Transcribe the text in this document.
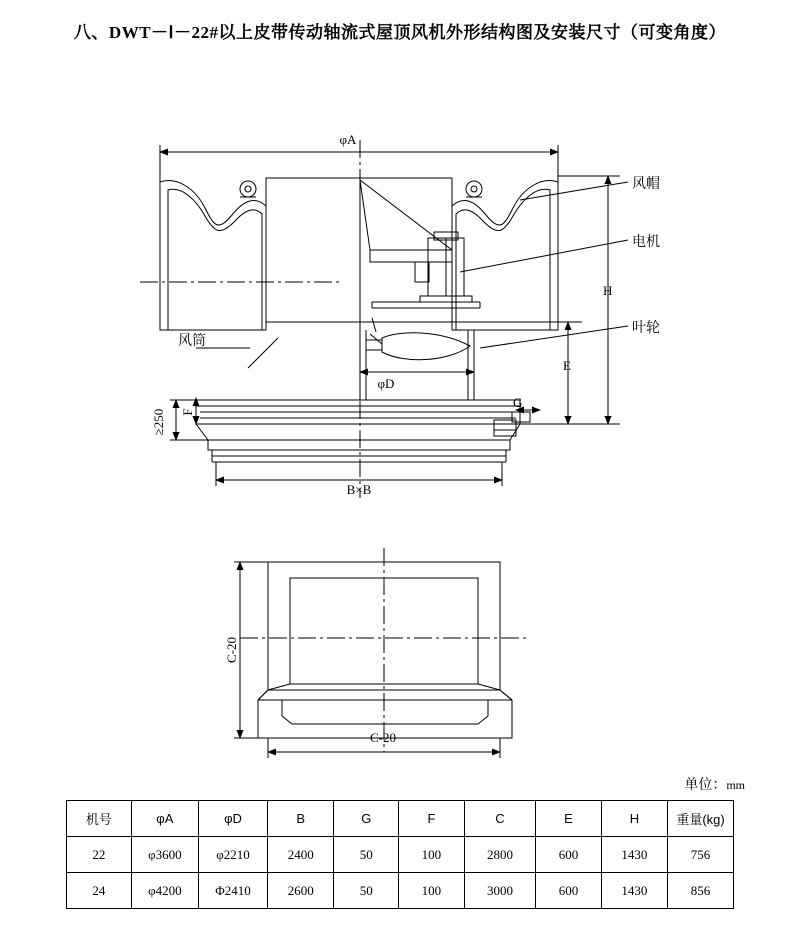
八、DWT－Ⅰ－22#以上皮带传动轴流式屋顶风机外形结构图及安装尺寸（可变角度）
φA
φD
H
E
F
G
≥250
B×B
风帽
电机
叶轮
风筒
C-20
C-20
单位：mm
机号	φA	φD	B	G	F	C	E	H	重量(kg)
22	φ3600	φ2210	2400	50	100	2800	600	1430	756
24	φ4200	Φ2410	2600	50	100	3000	600	1430	856
